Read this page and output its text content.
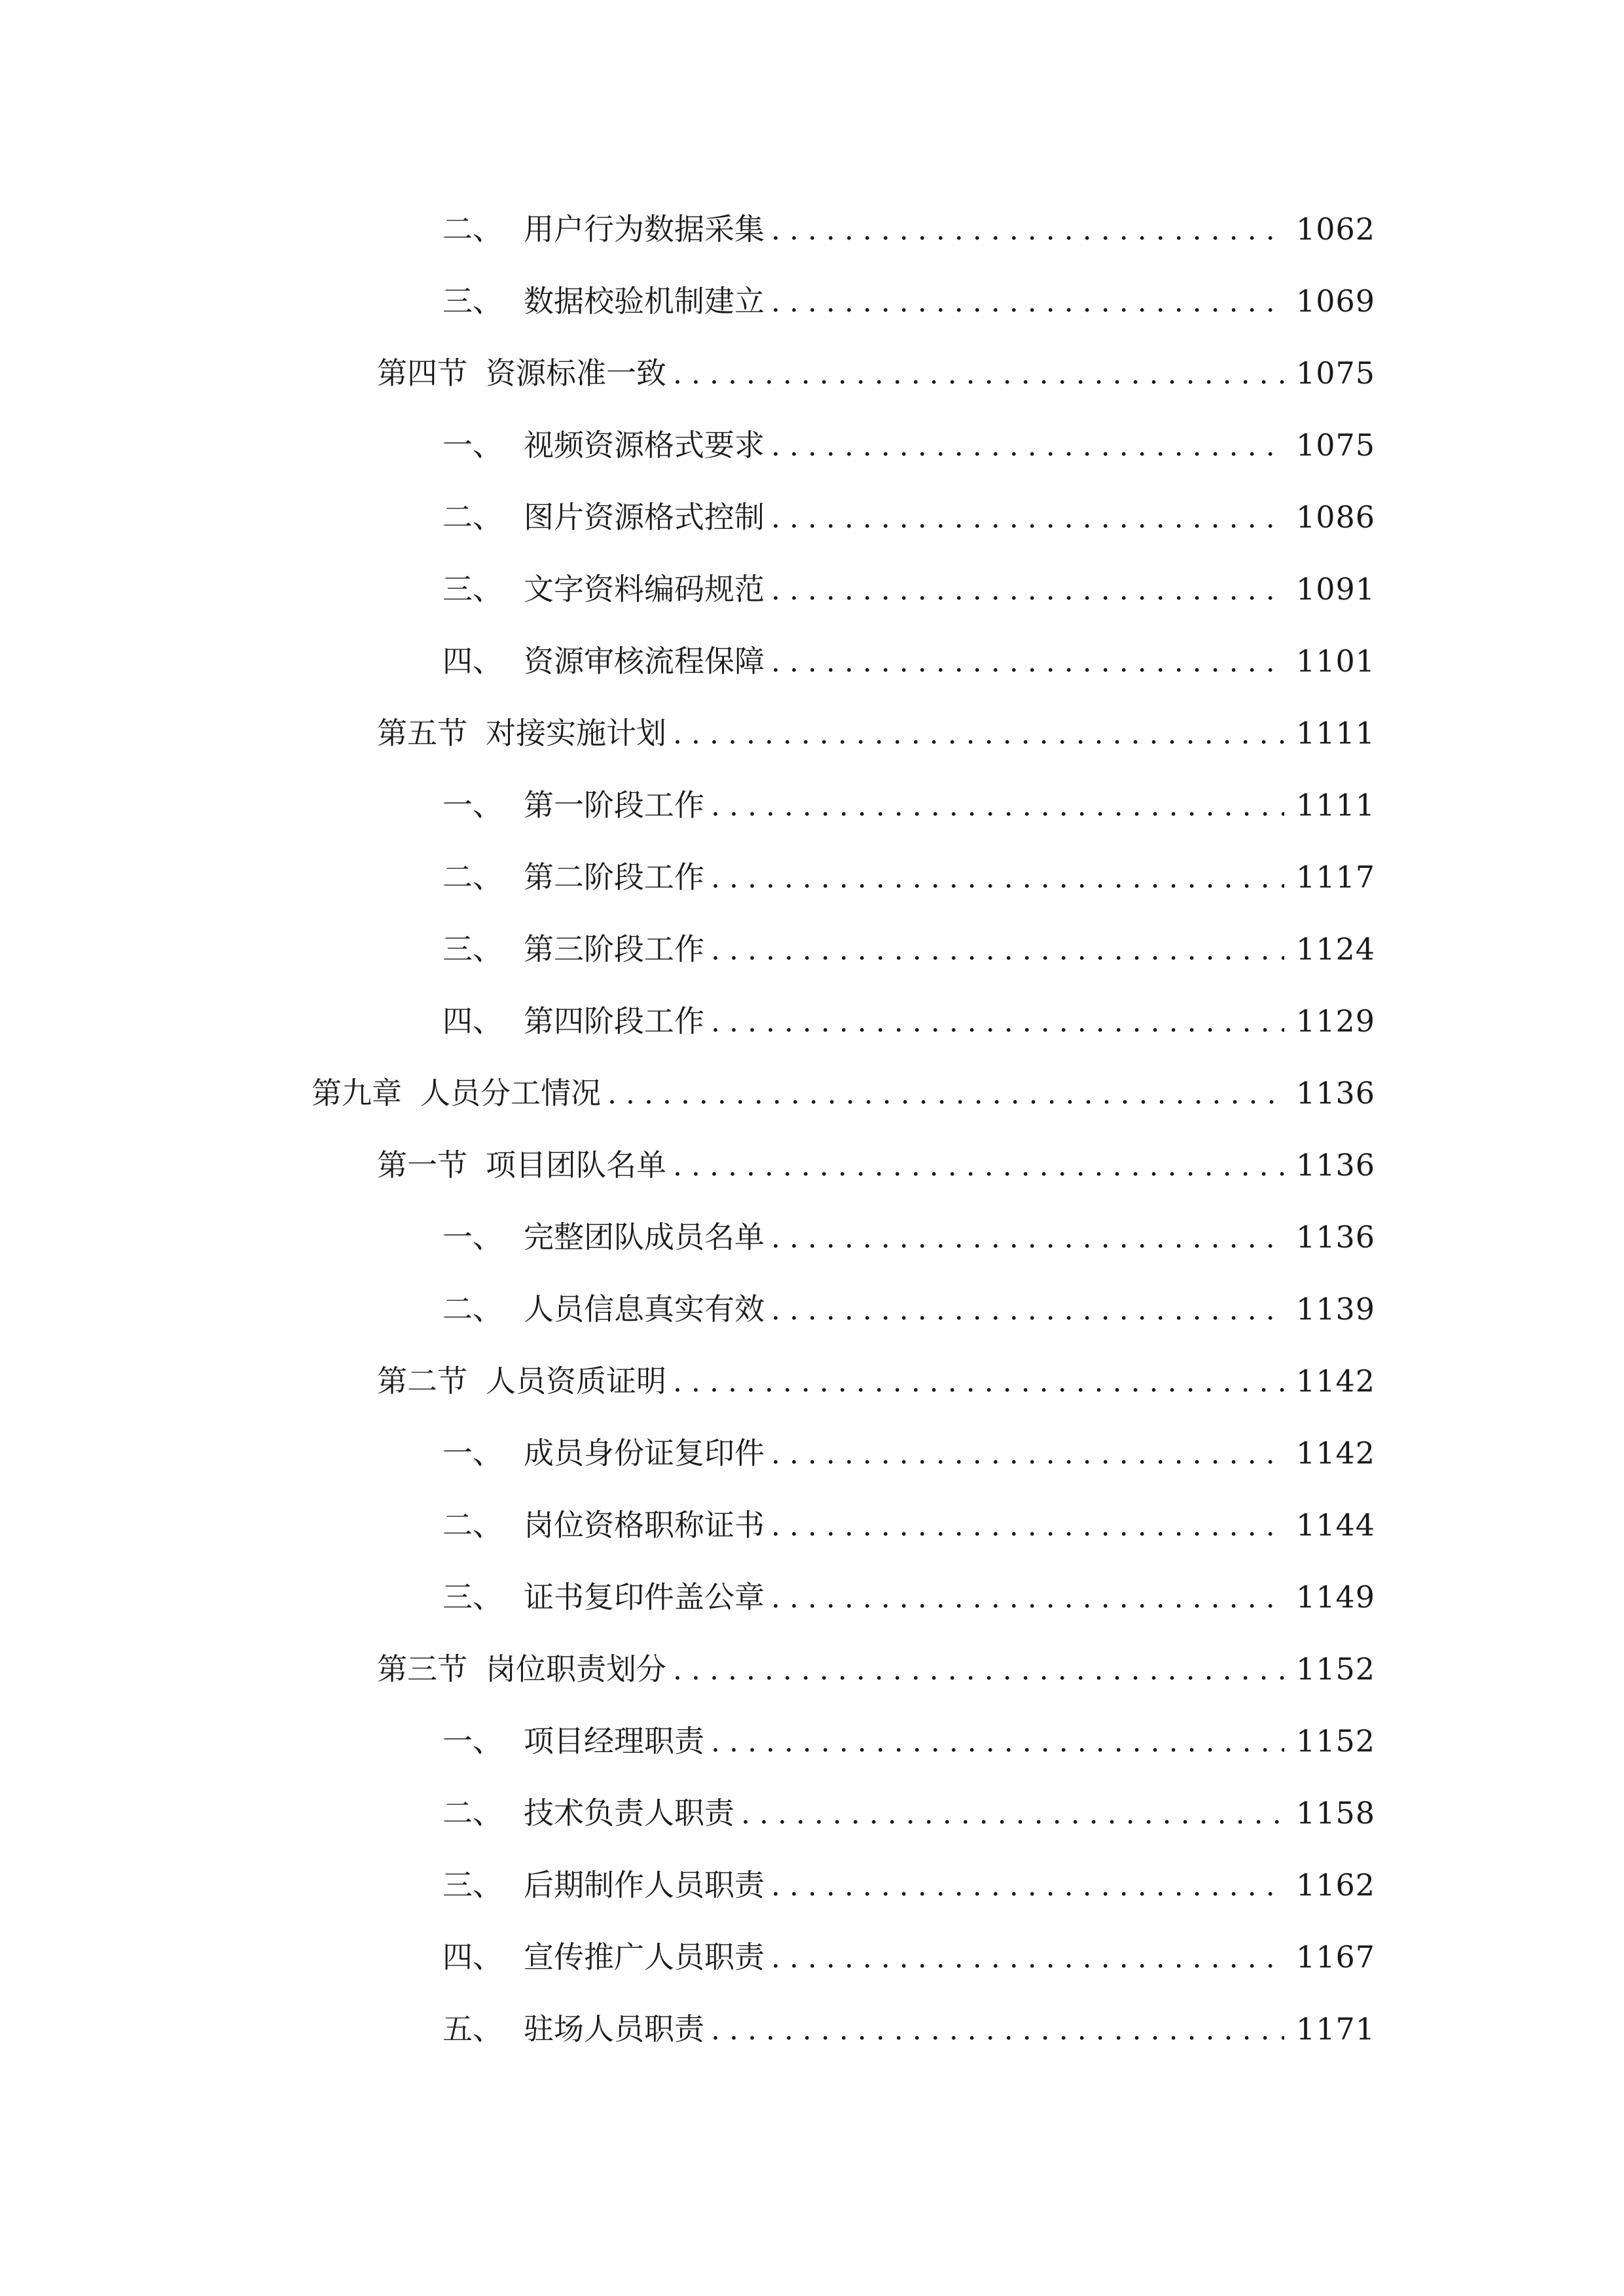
二、 用户行为数据采集 .....	1062
三、 数据校验机制建立 .....	1069
第四节 资源标准一致 .....	1075
一、 视频资源格式要求 .....	1075
二、 图片资源格式控制 .....	1086
三、 文字资料编码规范 .....	1091
四、 资源审核流程保障 .....	1101
第五节 对接实施计划 .....	1111
一、 第一阶段工作 .....	1111
二、 第二阶段工作 .....	1117
三、 第三阶段工作 .....	1124
四、 第四阶段工作 .....	1129
第九章 人员分工情况 .....	1136
第一节 项目团队名单 .....	1136
一、 完整团队成员名单 .....	1136
二、 人员信息真实有效 .....	1139
第二节 人员资质证明 .....	1142
一、 成员身份证复印件 .....	1142
二、 岗位资格职称证书 .....	1144
三、 证书复印件盖公章 .....	1149
第三节 岗位职责划分 .....	1152
一、 项目经理职责 .....	1152
二、 技术负责人职责 .....	1158
三、 后期制作人员职责 .....	1162
四、 宣传推广人员职责 .....	1167
五、 驻场人员职责 .....	1171
